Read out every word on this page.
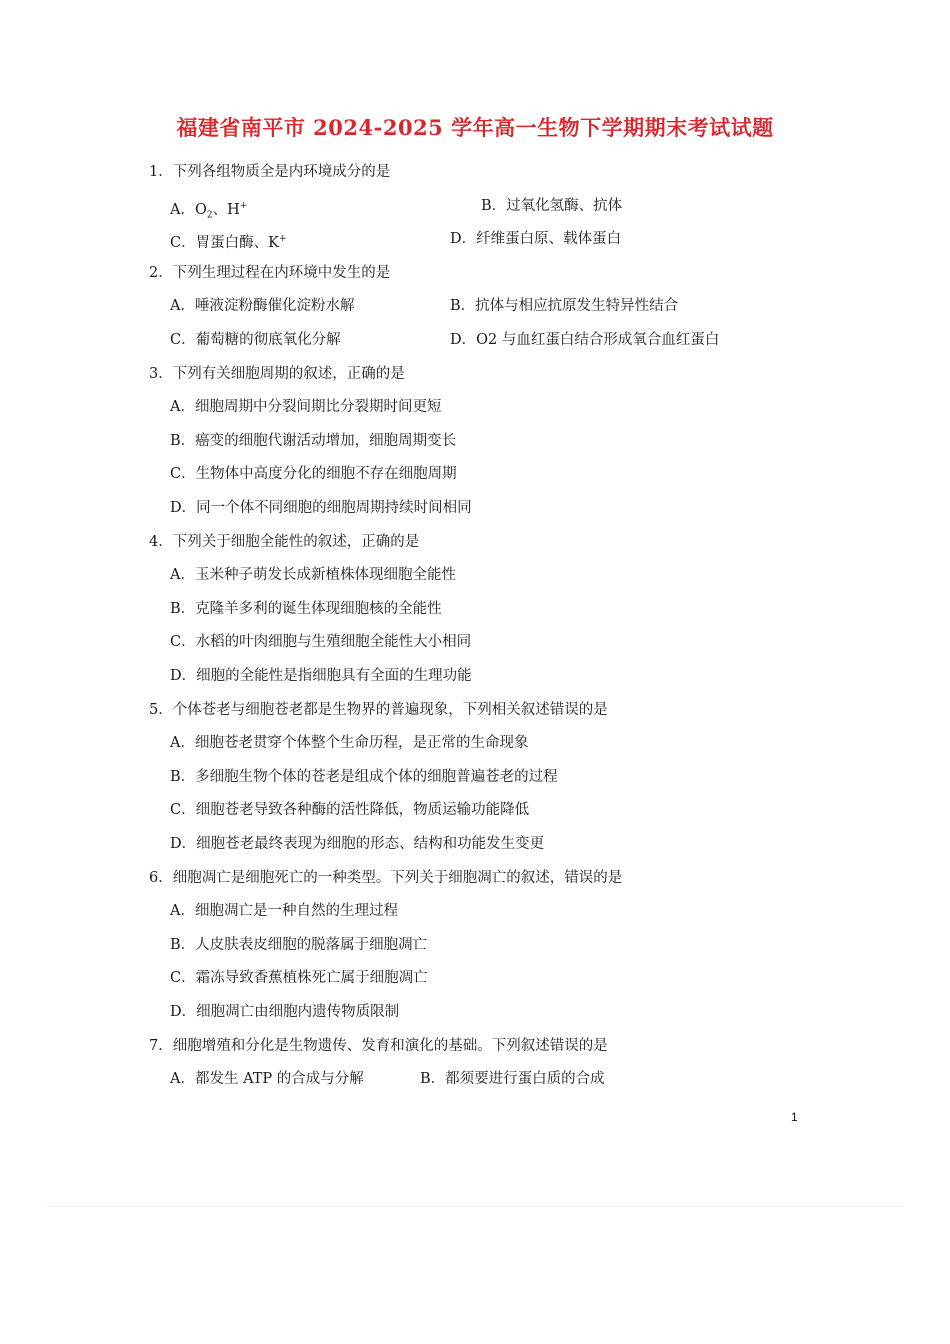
福建省南平市 2024-2025 学年高一生物下学期期末考试试题
1．下列各组物质全是内环境成分的是
A．$O_2$、H+	B．过氧化氢酶、抗体
C．胃蛋白酶、K+	D．纤维蛋白原、载体蛋白
2．下列生理过程在内环境中发生的是
A．唾液淀粉酶催化淀粉水解	B．抗体与相应抗原发生特异性结合
C．葡萄糖的彻底氧化分解	D．O2 与血红蛋白结合形成氧合血红蛋白
3．下列有关细胞周期的叙述，正确的是
A．细胞周期中分裂间期比分裂期时间更短
B．癌变的细胞代谢活动增加，细胞周期变长
C．生物体中高度分化的细胞不存在细胞周期
D．同一个体不同细胞的细胞周期持续时间相同
4．下列关于细胞全能性的叙述，正确的是
A．玉米种子萌发长成新植株体现细胞全能性
B．克隆羊多利的诞生体现细胞核的全能性
C．水稻的叶肉细胞与生殖细胞全能性大小相同
D．细胞的全能性是指细胞具有全面的生理功能
5．个体苍老与细胞苍老都是生物界的普遍现象，下列相关叙述错误的是
A．细胞苍老贯穿个体整个生命历程，是正常的生命现象
B．多细胞生物个体的苍老是组成个体的细胞普遍苍老的过程
C．细胞苍老导致各种酶的活性降低，物质运输功能降低
D．细胞苍老最终表现为细胞的形态、结构和功能发生变更
6．细胞凋亡是细胞死亡的一种类型。下列关于细胞凋亡的叙述，错误的是
A．细胞凋亡是一种自然的生理过程
B．人皮肤表皮细胞的脱落属于细胞凋亡
C．霜冻导致香蕉植株死亡属于细胞凋亡
D．细胞凋亡由细胞内遗传物质限制
7．细胞增殖和分化是生物遗传、发育和演化的基础。下列叙述错误的是
A．都发生 ATP 的合成与分解	B．都须要进行蛋白质的合成
1
